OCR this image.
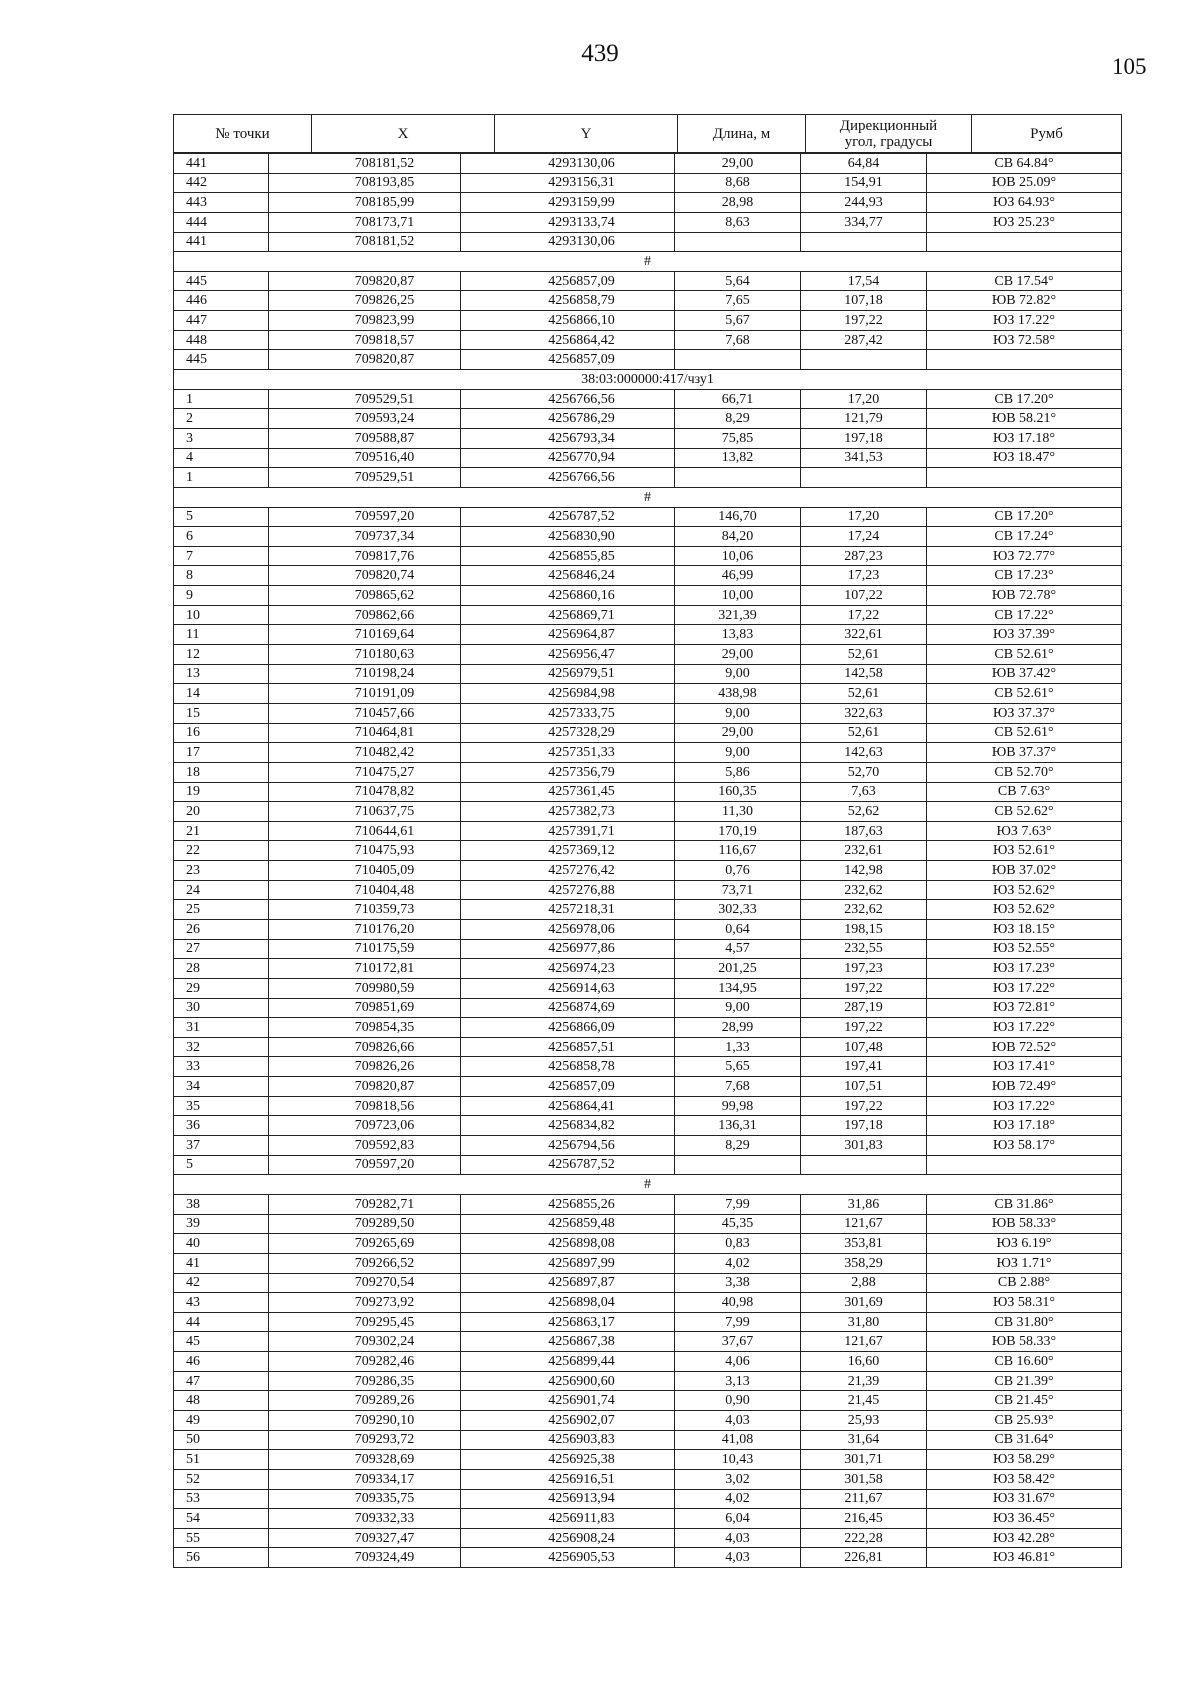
439	105
№ точки	X	Y	Длина, м	Дирекционный
угол, градусы	Румб
441	708181,52	4293130,06	29,00	64,84	СВ 64.84°
442	708193,85	4293156,31	8,68	154,91	ЮВ 25.09°
443	708185,99	4293159,99	28,98	244,93	ЮЗ 64.93°
444	708173,71	4293133,74	8,63	334,77	ЮЗ 25.23°
441	708181,52	4293130,06			
#					
445	709820,87	4256857,09	5,64	17,54	СВ 17.54°
446	709826,25	4256858,79	7,65	107,18	ЮВ 72.82°
447	709823,99	4256866,10	5,67	197,22	ЮЗ 17.22°
448	709818,57	4256864,42	7,68	287,42	ЮЗ 72.58°
445	709820,87	4256857,09			
38:03:000000:417/чзу1					
1	709529,51	4256766,56	66,71	17,20	СВ 17.20°
2	709593,24	4256786,29	8,29	121,79	ЮВ 58.21°
3	709588,87	4256793,34	75,85	197,18	ЮЗ 17.18°
4	709516,40	4256770,94	13,82	341,53	ЮЗ 18.47°
1	709529,51	4256766,56			
#					
5	709597,20	4256787,52	146,70	17,20	СВ 17.20°
6	709737,34	4256830,90	84,20	17,24	СВ 17.24°
7	709817,76	4256855,85	10,06	287,23	ЮЗ 72.77°
8	709820,74	4256846,24	46,99	17,23	СВ 17.23°
9	709865,62	4256860,16	10,00	107,22	ЮВ 72.78°
10	709862,66	4256869,71	321,39	17,22	СВ 17.22°
11	710169,64	4256964,87	13,83	322,61	ЮЗ 37.39°
12	710180,63	4256956,47	29,00	52,61	СВ 52.61°
13	710198,24	4256979,51	9,00	142,58	ЮВ 37.42°
14	710191,09	4256984,98	438,98	52,61	СВ 52.61°
15	710457,66	4257333,75	9,00	322,63	ЮЗ 37.37°
16	710464,81	4257328,29	29,00	52,61	СВ 52.61°
17	710482,42	4257351,33	9,00	142,63	ЮВ 37.37°
18	710475,27	4257356,79	5,86	52,70	СВ 52.70°
19	710478,82	4257361,45	160,35	7,63	СВ 7.63°
20	710637,75	4257382,73	11,30	52,62	СВ 52.62°
21	710644,61	4257391,71	170,19	187,63	ЮЗ 7.63°
22	710475,93	4257369,12	116,67	232,61	ЮЗ 52.61°
23	710405,09	4257276,42	0,76	142,98	ЮВ 37.02°
24	710404,48	4257276,88	73,71	232,62	ЮЗ 52.62°
25	710359,73	4257218,31	302,33	232,62	ЮЗ 52.62°
26	710176,20	4256978,06	0,64	198,15	ЮЗ 18.15°
27	710175,59	4256977,86	4,57	232,55	ЮЗ 52.55°
28	710172,81	4256974,23	201,25	197,23	ЮЗ 17.23°
29	709980,59	4256914,63	134,95	197,22	ЮЗ 17.22°
30	709851,69	4256874,69	9,00	287,19	ЮЗ 72.81°
31	709854,35	4256866,09	28,99	197,22	ЮЗ 17.22°
32	709826,66	4256857,51	1,33	107,48	ЮВ 72.52°
33	709826,26	4256858,78	5,65	197,41	ЮЗ 17.41°
34	709820,87	4256857,09	7,68	107,51	ЮВ 72.49°
35	709818,56	4256864,41	99,98	197,22	ЮЗ 17.22°
36	709723,06	4256834,82	136,31	197,18	ЮЗ 17.18°
37	709592,83	4256794,56	8,29	301,83	ЮЗ 58.17°
5	709597,20	4256787,52			
#					
38	709282,71	4256855,26	7,99	31,86	СВ 31.86°
39	709289,50	4256859,48	45,35	121,67	ЮВ 58.33°
40	709265,69	4256898,08	0,83	353,81	ЮЗ 6.19°
41	709266,52	4256897,99	4,02	358,29	ЮЗ 1.71°
42	709270,54	4256897,87	3,38	2,88	СВ 2.88°
43	709273,92	4256898,04	40,98	301,69	ЮЗ 58.31°
44	709295,45	4256863,17	7,99	31,80	СВ 31.80°
45	709302,24	4256867,38	37,67	121,67	ЮВ 58.33°
46	709282,46	4256899,44	4,06	16,60	СВ 16.60°
47	709286,35	4256900,60	3,13	21,39	СВ 21.39°
48	709289,26	4256901,74	0,90	21,45	СВ 21.45°
49	709290,10	4256902,07	4,03	25,93	СВ 25.93°
50	709293,72	4256903,83	41,08	31,64	СВ 31.64°
51	709328,69	4256925,38	10,43	301,71	ЮЗ 58.29°
52	709334,17	4256916,51	3,02	301,58	ЮЗ 58.42°
53	709335,75	4256913,94	4,02	211,67	ЮЗ 31.67°
54	709332,33	4256911,83	6,04	216,45	ЮЗ 36.45°
55	709327,47	4256908,24	4,03	222,28	ЮЗ 42.28°
56	709324,49	4256905,53	4,03	226,81	ЮЗ 46.81°
